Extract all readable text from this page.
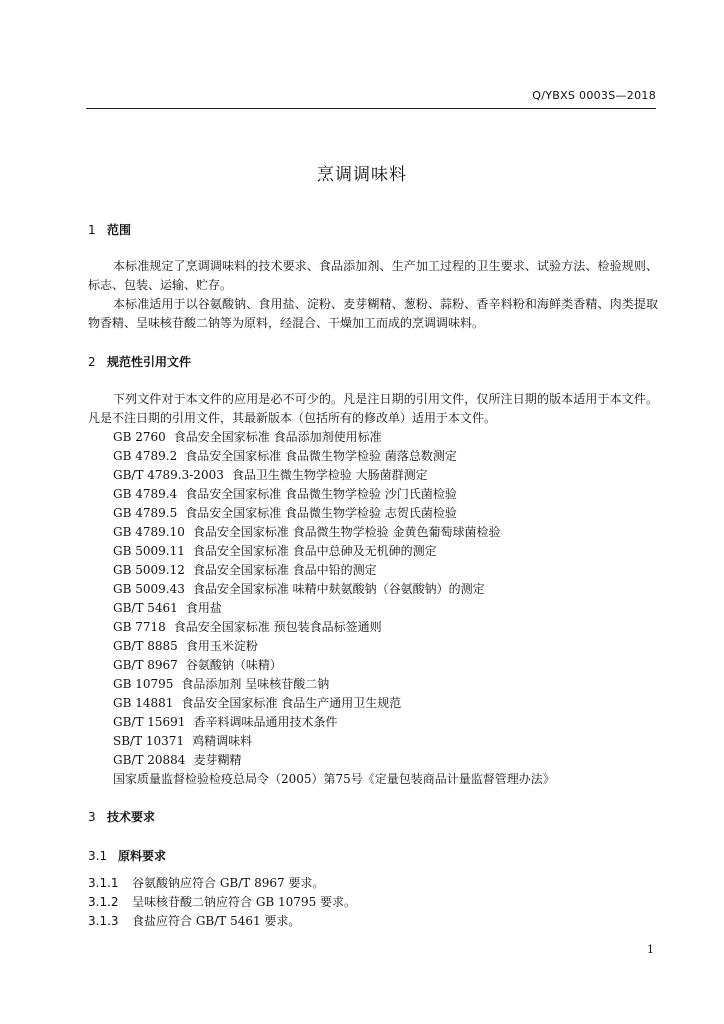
Q/YBXS 0003S—2018
烹调调味料
1 范围
本标准规定了烹调调味料的技术要求、食品添加剂、生产加工过程的卫生要求、试验方法、检验规则、标志、包装、运输、贮存。
本标准适用于以谷氨酸钠、食用盐、淀粉、麦芽糊精、葱粉、蒜粉、香辛料粉和海鲜类香精、肉类提取物香精、呈味核苷酸二钠等为原料，经混合、干燥加工而成的烹调调味料。
2 规范性引用文件
下列文件对于本文件的应用是必不可少的。凡是注日期的引用文件，仅所注日期的版本适用于本文件。凡是不注日期的引用文件，其最新版本（包括所有的修改单）适用于本文件。
GB 2760 食品安全国家标准 食品添加剂使用标准
GB 4789.2 食品安全国家标准 食品微生物学检验 菌落总数测定
GB/T 4789.3-2003 食品卫生微生物学检验 大肠菌群测定
GB 4789.4 食品安全国家标准 食品微生物学检验 沙门氏菌检验
GB 4789.5 食品安全国家标准 食品微生物学检验 志贺氏菌检验
GB 4789.10 食品安全国家标准 食品微生物学检验 金黄色葡萄球菌检验
GB 5009.11 食品安全国家标准 食品中总砷及无机砷的测定
GB 5009.12 食品安全国家标准 食品中铅的测定
GB 5009.43 食品安全国家标准 味精中麸氨酸钠（谷氨酸钠）的测定
GB/T 5461 食用盐
GB 7718 食品安全国家标准 预包装食品标签通则
GB/T 8885 食用玉米淀粉
GB/T 8967 谷氨酸钠（味精）
GB 10795 食品添加剂 呈味核苷酸二钠
GB 14881 食品安全国家标准 食品生产通用卫生规范
GB/T 15691 香辛料调味品通用技术条件
SB/T 10371 鸡精调味料
GB/T 20884 麦芽糊精
国家质量监督检验检疫总局令（2005）第75号《定量包装商品计量监督管理办法》
3 技术要求
3.1 原料要求
3.1.1 谷氨酸钠应符合 GB/T 8967 要求。
3.1.2 呈味核苷酸二钠应符合 GB 10795 要求。
3.1.3 食盐应符合 GB/T 5461 要求。
1
